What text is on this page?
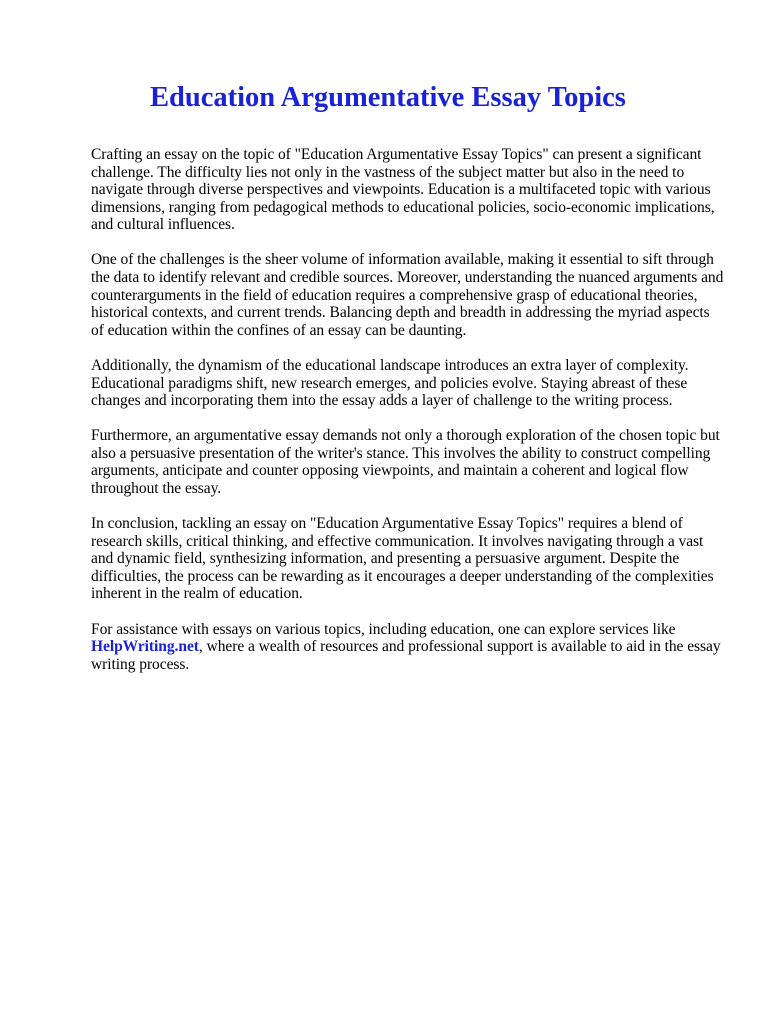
Education Argumentative Essay Topics

Crafting an essay on the topic of "Education Argumentative Essay Topics" can present a significant challenge. The difficulty lies not only in the vastness of the subject matter but also in the need to navigate through diverse perspectives and viewpoints. Education is a multifaceted topic with various dimensions, ranging from pedagogical methods to educational policies, socio-economic implications, and cultural influences.

One of the challenges is the sheer volume of information available, making it essential to sift through the data to identify relevant and credible sources. Moreover, understanding the nuanced arguments and counterarguments in the field of education requires a comprehensive grasp of educational theories, historical contexts, and current trends. Balancing depth and breadth in addressing the myriad aspects of education within the confines of an essay can be daunting.

Additionally, the dynamism of the educational landscape introduces an extra layer of complexity. Educational paradigms shift, new research emerges, and policies evolve. Staying abreast of these changes and incorporating them into the essay adds a layer of challenge to the writing process.

Furthermore, an argumentative essay demands not only a thorough exploration of the chosen topic but also a persuasive presentation of the writer's stance. This involves the ability to construct compelling arguments, anticipate and counter opposing viewpoints, and maintain a coherent and logical flow throughout the essay.

In conclusion, tackling an essay on "Education Argumentative Essay Topics" requires a blend of research skills, critical thinking, and effective communication. It involves navigating through a vast and dynamic field, synthesizing information, and presenting a persuasive argument. Despite the difficulties, the process can be rewarding as it encourages a deeper understanding of the complexities inherent in the realm of education.

For assistance with essays on various topics, including education, one can explore services like HelpWriting.net, where a wealth of resources and professional support is available to aid in the essay writing process.
